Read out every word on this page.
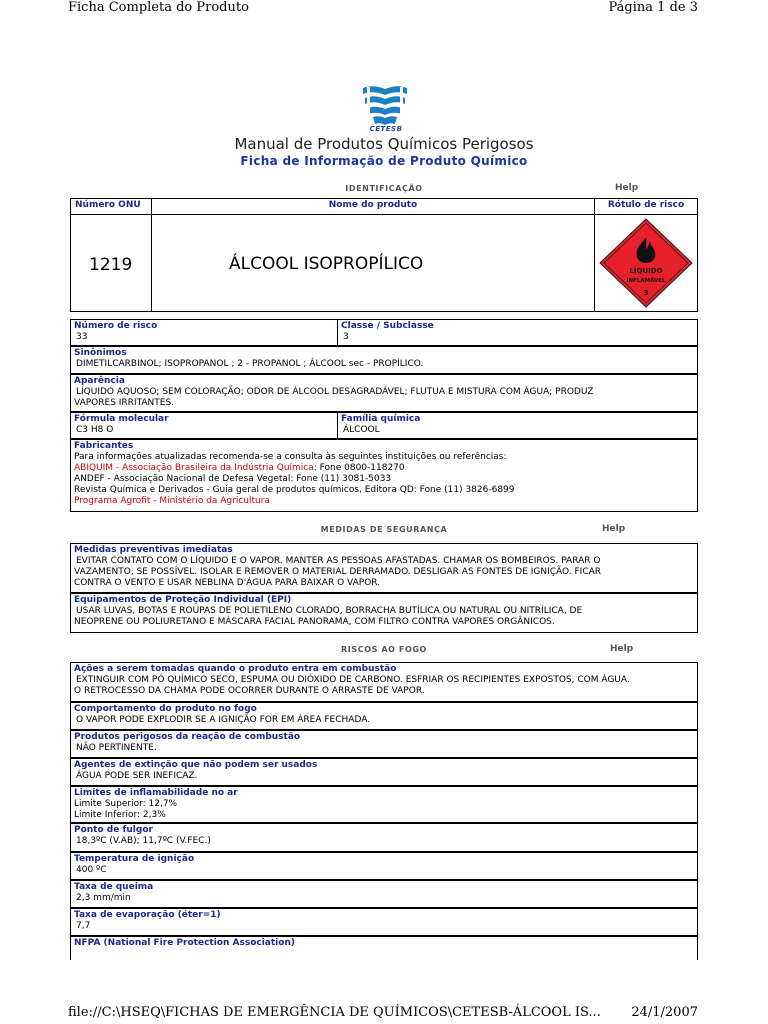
Ficha Completa do Produto	Página 1 de 3
CETESB
Manual de Produtos Químicos Perigosos
Ficha de Informação de Produto Químico
IDENTIFICAÇÃO	Help
Número ONU	Nome do produto	Rótulo de risco
1219	ÁLCOOL ISOPROPÍLICO	LÍQUIDO
INFLAMÁVEL
3
Número de risco
33
Classe / Subclasse
3
Sinônimos
DIMETILCARBINOL; ISOPROPANOL ; 2 - PROPANOL ; ÁLCOOL sec - PROPÍLICO.
Aparência
LÍQUIDO AQUOSO; SEM COLORAÇÃO; ODOR DE ÁLCOOL DESAGRADÁVEL; FLUTUA E MISTURA COM ÁGUA; PRODUZ
VAPORES IRRITANTES.
Fórmula molecular
C3 H8 O
Família química
ÁLCOOL
Fabricantes
Para informações atualizadas recomenda-se a consulta às seguintes instituições ou referências:
ABIQUIM - Associação Brasileira da Indústria Química: Fone 0800-118270
ANDEF - Associação Nacional de Defesa Vegetal: Fone (11) 3081-5033
Revista Química e Derivados - Guia geral de produtos químicos, Editora QD: Fone (11) 3826-6899
Programa Agrofit - Ministério da Agricultura
MEDIDAS DE SEGURANÇA	Help
Medidas preventivas imediatas
EVITAR CONTATO COM O LÍQUIDO E O VAPOR. MANTER AS PESSOAS AFASTADAS. CHAMAR OS BOMBEIROS. PARAR O
VAZAMENTO, SE POSSÍVEL. ISOLAR E REMOVER O MATERIAL DERRAMADO. DESLIGAR AS FONTES DE IGNIÇÃO. FICAR
CONTRA O VENTO E USAR NEBLINA D'ÁGUA PARA BAIXAR O VAPOR.
Equipamentos de Proteção Individual (EPI)
USAR LUVAS, BOTAS E ROUPAS DE POLIETILENO CLORADO, BORRACHA BUTÍLICA OU NATURAL OU NITRÍLICA, DE
NEOPRENE OU POLIURETANO E MÁSCARA FACIAL PANORAMA, COM FILTRO CONTRA VAPORES ORGÂNICOS.
RISCOS AO FOGO	Help
Ações a serem tomadas quando o produto entra em combustão
EXTINGUIR COM PÓ QUÍMICO SECO, ESPUMA OU DIÓXIDO DE CARBONO. ESFRIAR OS RECIPIENTES EXPOSTOS, COM ÁGUA.
O RETROCESSO DA CHAMA PODE OCORRER DURANTE O ARRASTE DE VAPOR.
Comportamento do produto no fogo
O VAPOR PODE EXPLODIR SE A IGNIÇÃO FOR EM ÁREA FECHADA.
Produtos perigosos da reação de combustão
NÃO PERTINENTE.
Agentes de extinção que não podem ser usados
ÁGUA PODE SER INEFICAZ.
Limites de inflamabilidade no ar
Limite Superior: 12,7%
Limite Inferior: 2,3%
Ponto de fulgor
18,3ºC (V.AB); 11,7ºC (V.FEC.)
Temperatura de ignição
400 ºC
Taxa de queima
2,3 mm/min
Taxa de evaporação (éter=1)
7,7
NFPA (National Fire Protection Association)
file://C:\HSEQ\FICHAS DE EMERGÊNCIA DE QUÍMICOS\CETESB-ÁLCOOL IS... 24/1/2007
